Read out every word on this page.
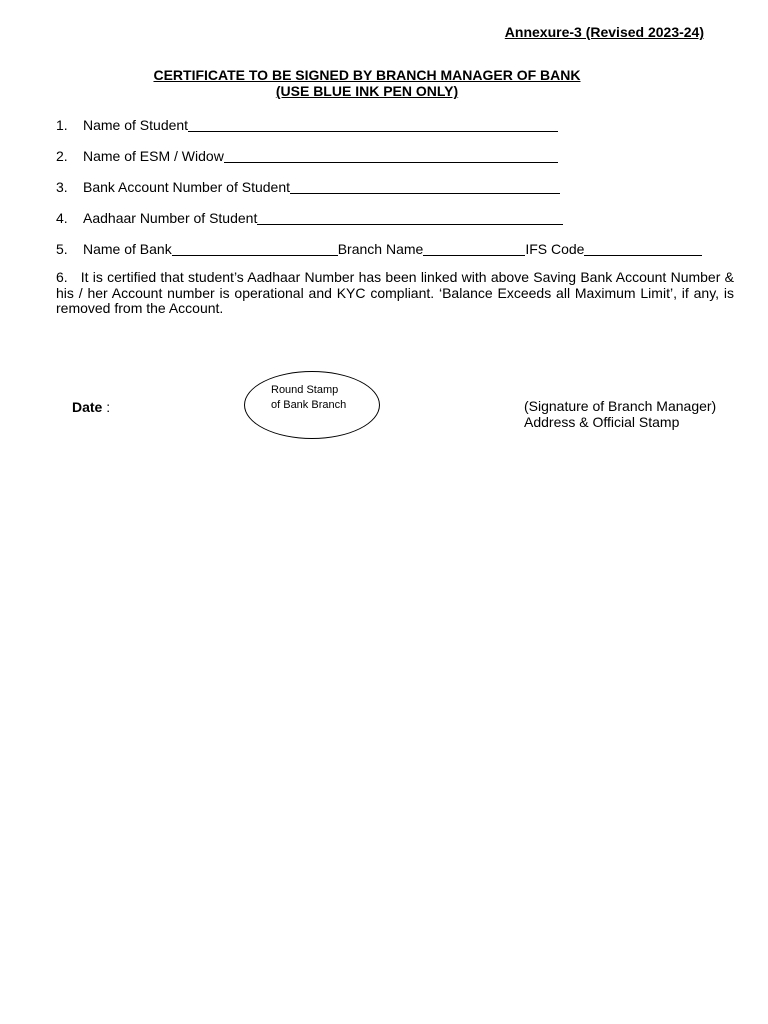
Annexure-3 (Revised 2023-24)
CERTIFICATE TO BE SIGNED BY BRANCH MANAGER OF BANK
(USE BLUE INK PEN ONLY)
1.	Name of Student
2.	Name of ESM / Widow
3.	Bank Account Number of Student
4.	Aadhaar Number of Student
5.	Name of Bank	Branch Name	IFS Code
6. It is certified that student’s Aadhaar Number has been linked with above Saving Bank Account Number & his / her Account number is operational and KYC compliant. ‘Balance Exceeds all Maximum Limit’, if any, is removed from the Account.
Date :
Round Stamp
of Bank Branch	(Signature of Branch Manager)
Address & Official Stamp
